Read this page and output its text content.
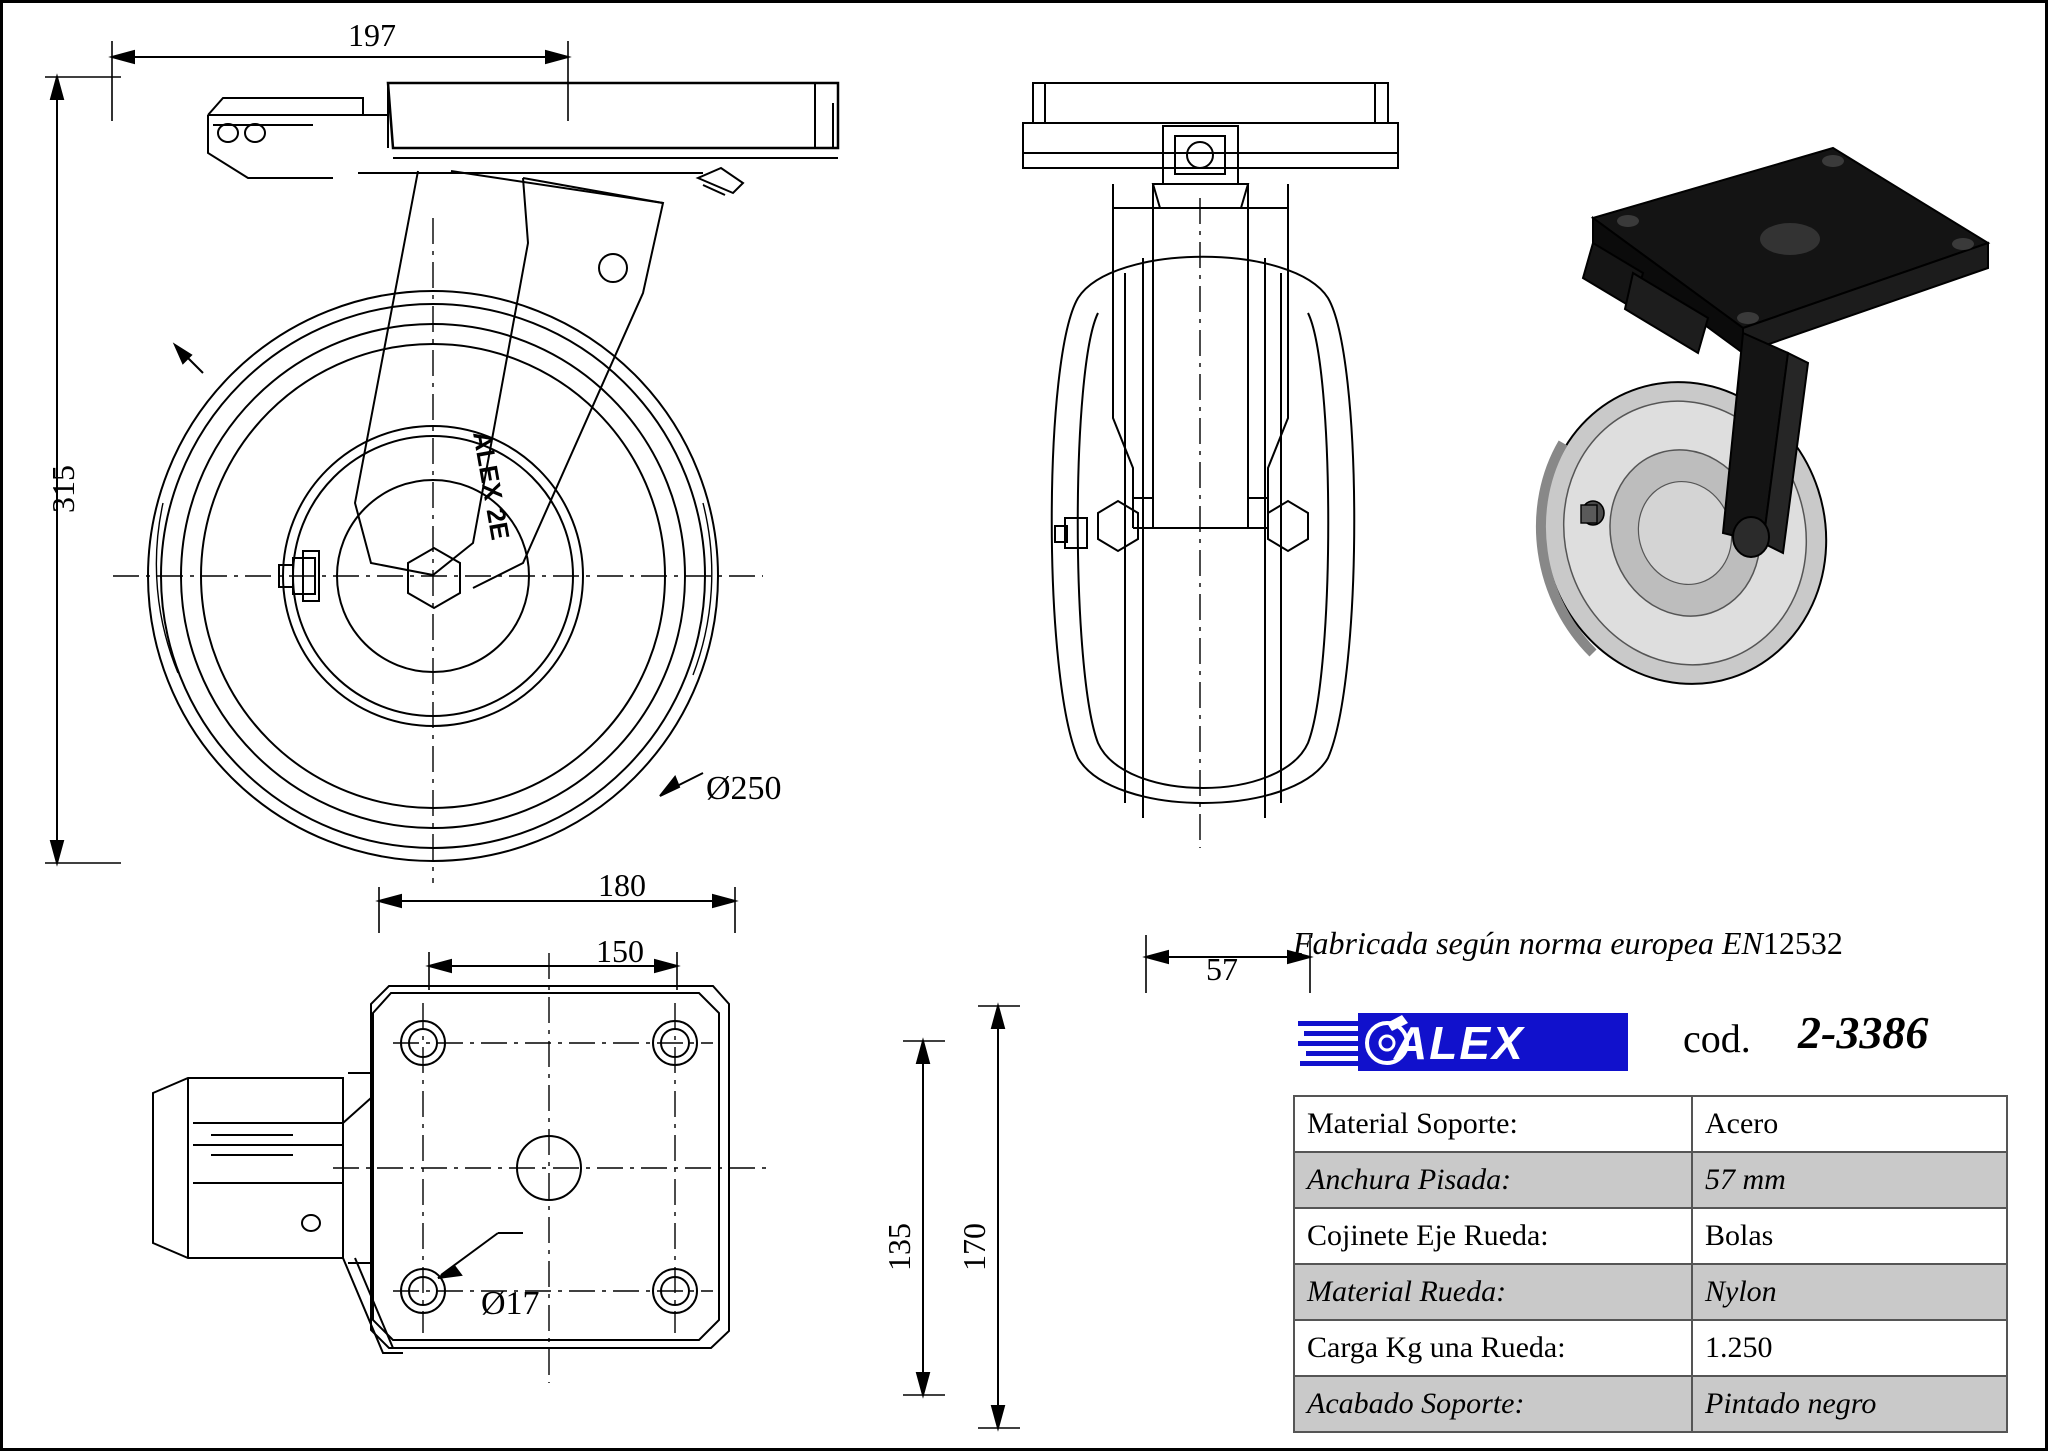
ALEX
2E
197
315
Ø250
57
180
150
135 170
Ø17
Fabricada según norma europea EN12532
ALEX	cod. 2-3386
Material Soporte:	Acero
Anchura Pisada:	57 mm
Cojinete Eje Rueda:	Bolas
Material Rueda:	Nylon
Carga Kg una Rueda:	1.250
Acabado Soporte:	Pintado negro
